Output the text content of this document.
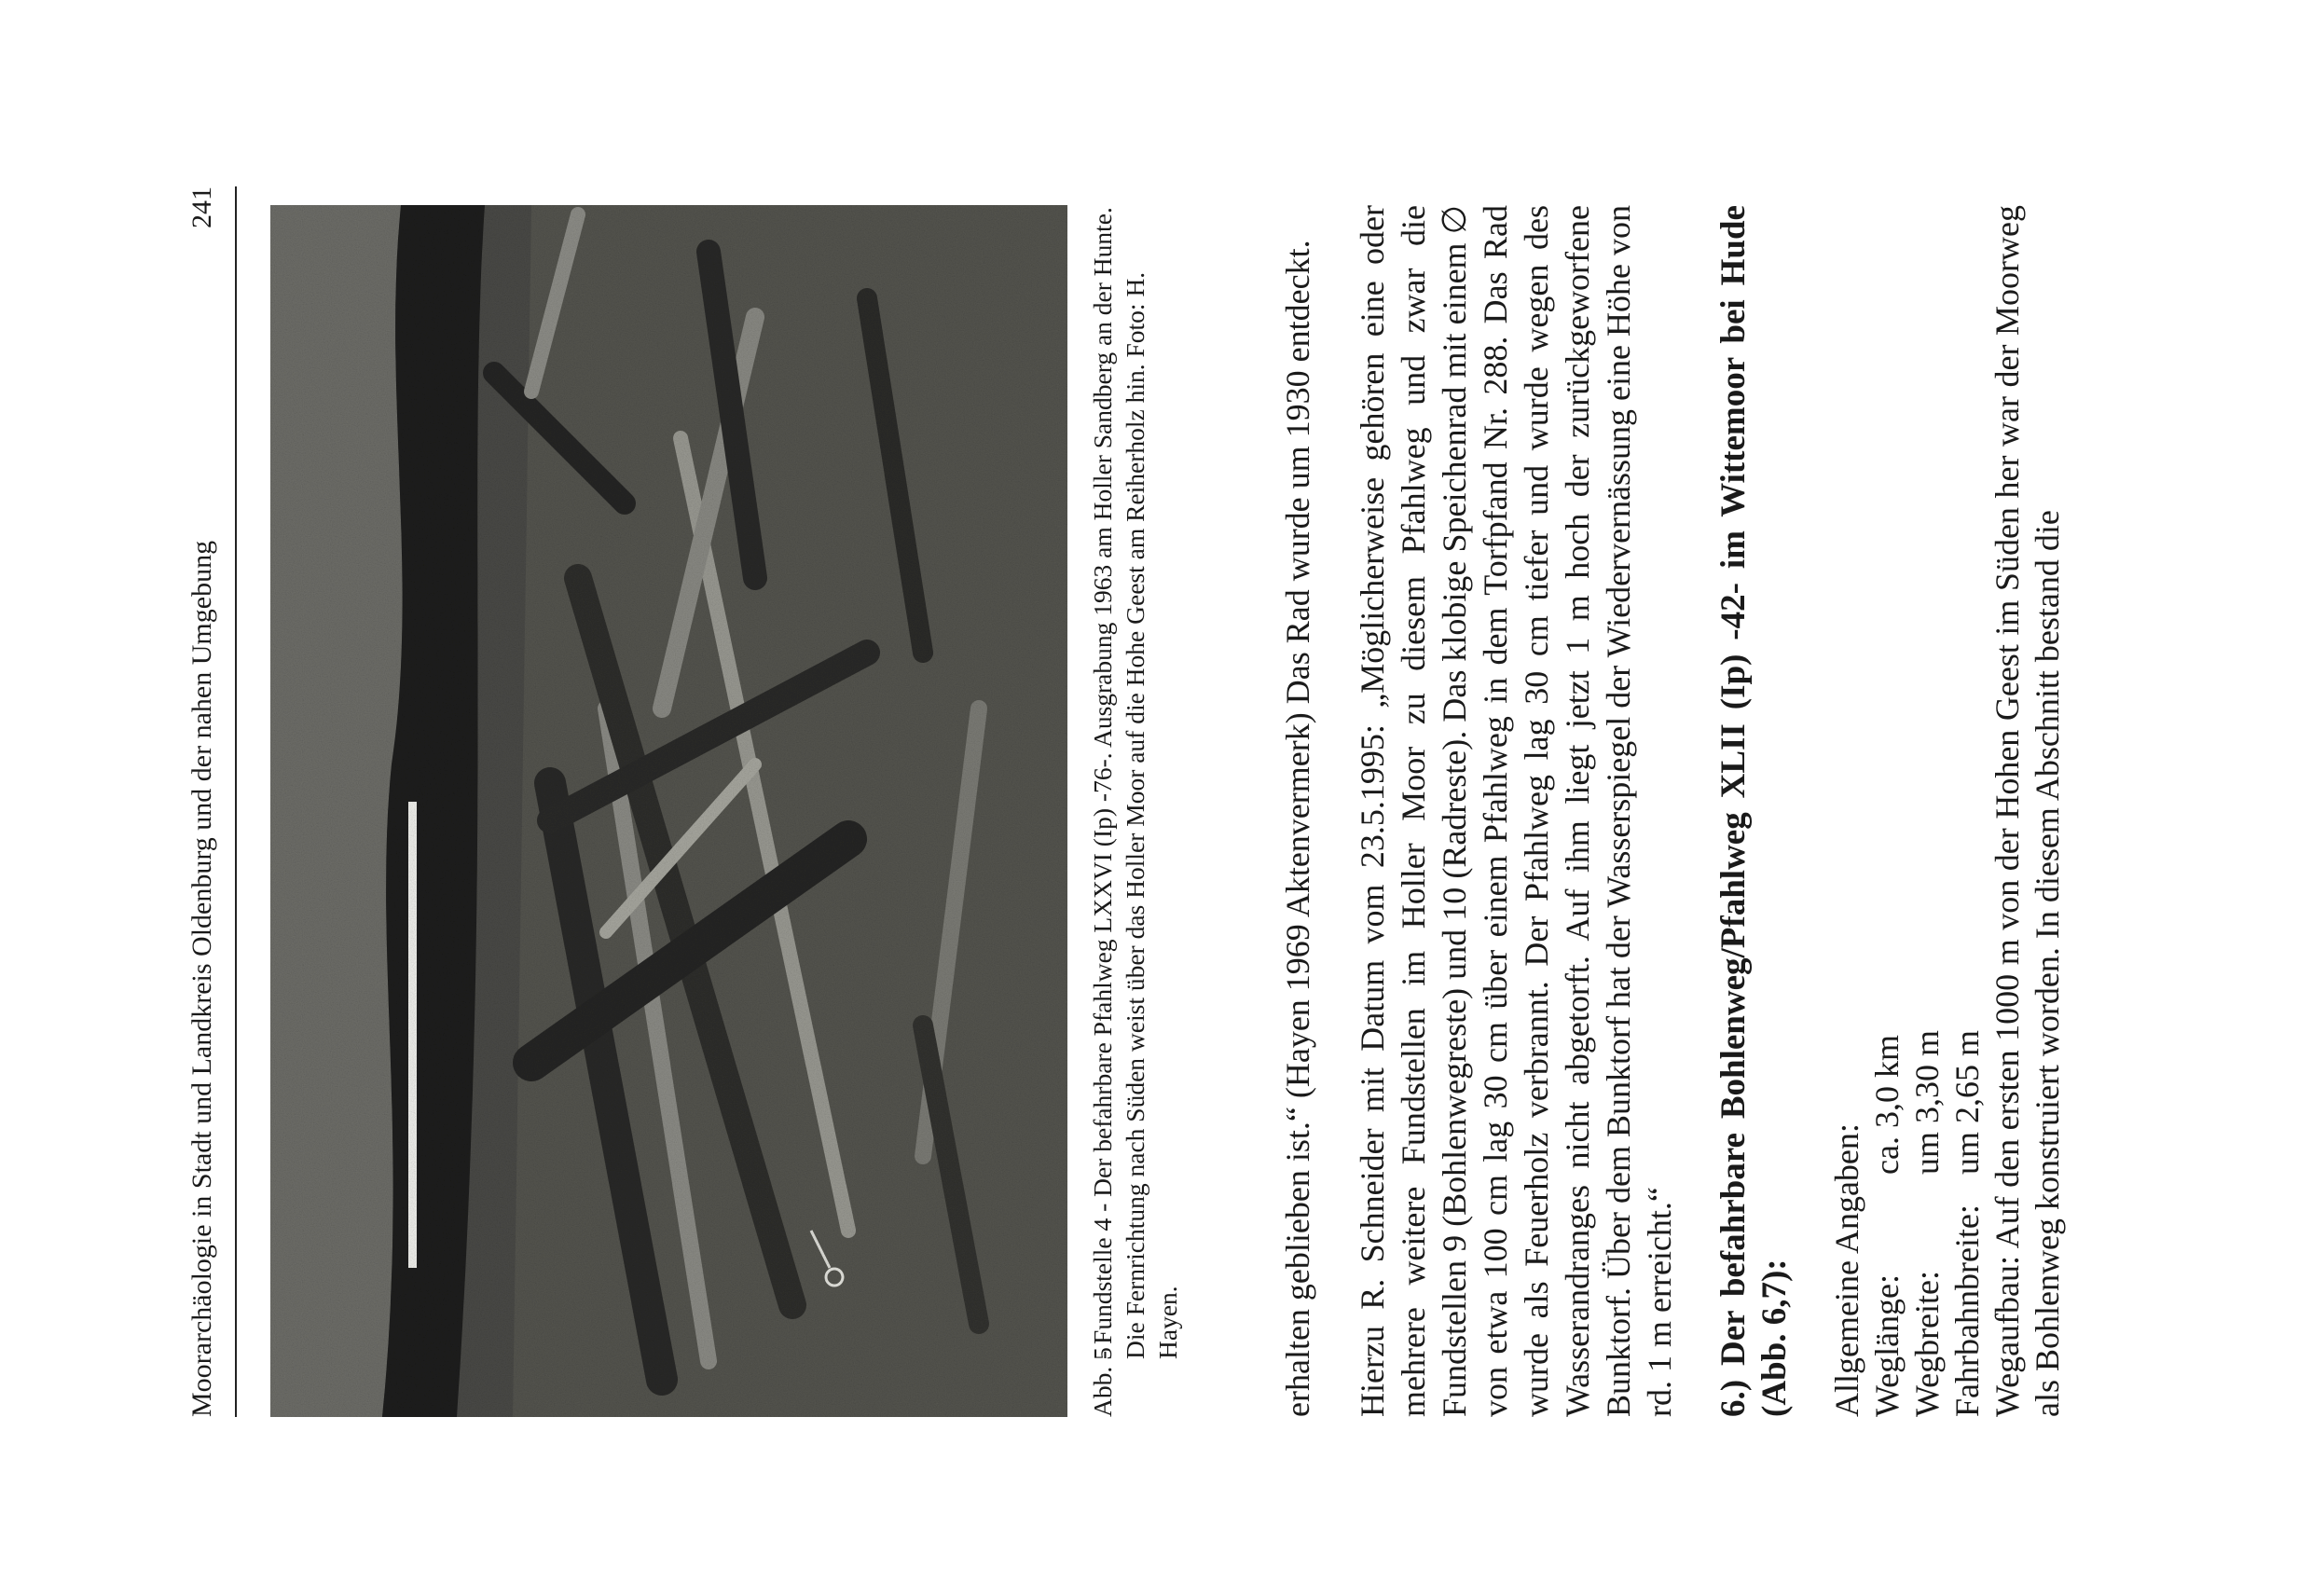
Moorarchäologie in Stadt und Landkreis Oldenburg und der nahen Umgebung
241
Abb. 5
- Fundstelle 4 - Der befahrbare Pfahlweg LXXVI (Ip) -76-. Ausgrabung 1963 am Holler Sandberg an der Hunte. Die Fernrichtung nach Süden weist über das Holler Moor auf die Hohe Geest am Reiherholz hin. Foto: H. Hayen.	erhalten geblieben ist.“ (Hayen 1969 Aktenvermerk) Das Rad wurde um 1930 entdeckt. Hierzu R. Schneider mit Datum vom 23.5.1995: „Möglicherweise gehören eine oder mehrere weitere Fundstellen im Holler Moor zu diesem Pfahlweg und zwar die Fundstellen 9 (Bohlenwegreste) und 10 (Radreste). Das klobige Speichenrad mit einem ∅ von etwa 100 cm lag 30 cm über einem Pfahlweg in dem Torfpfand Nr. 288. Das Rad wurde als Feuerholz verbrannt. Der Pfahlweg lag 30 cm tiefer und wurde wegen des Wasserandranges nicht abgetorft. Auf ihm liegt jetzt 1 m hoch der zurückgeworfene Bunktorf. Über dem Bunktorf hat der Wasserspiegel der Wiedervernässung eine Höhe von rd. 1 m erreicht.“ 6.) Der befahrbare Bohlenweg/Pfahlweg XLII (Ip) -42- im Wittemoor bei Hude (Abb. 6,7): Allgemeine Angaben: Weglänge:
ca. 3,0 km
Wegbreite:
um 3,30 m
Fahrbahnbreite:
um 2,65 m Wegaufbau: Auf den ersten 1000 m von der Hohen Geest im Süden her war der Moorweg als Bohlenweg konstruiert worden. In diesem Abschnitt bestand die
